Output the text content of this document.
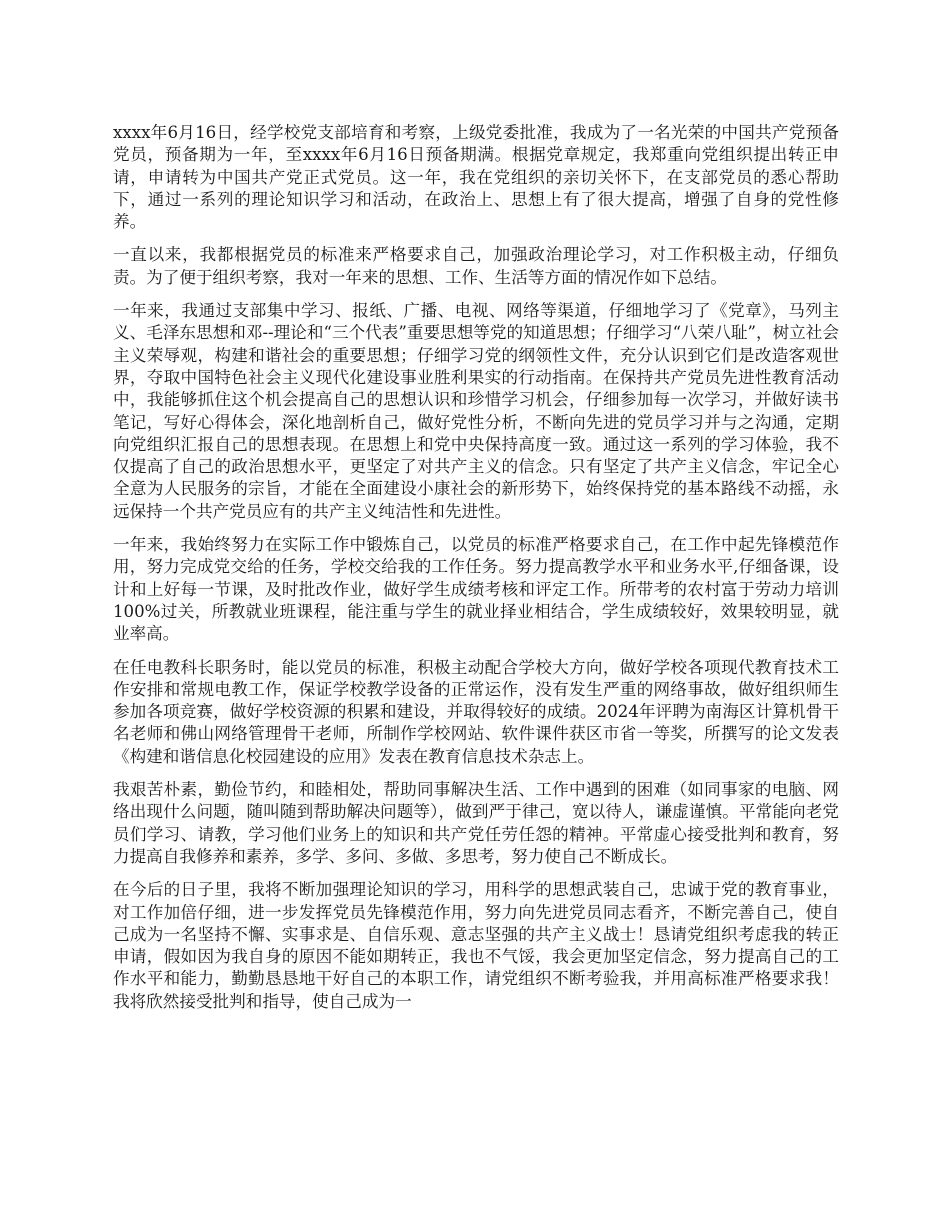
xxxx年6月16日，经学校党支部培育和考察，上级党委批准，我成为了一名光荣的中国共产党预备党员，预备期为一年，至xxxx年6月16日预备期满。根据党章规定，我郑重向党组织提出转正申请，申请转为中国共产党正式党员。这一年，我在党组织的亲切关怀下，在支部党员的悉心帮助下，通过一系列的理论知识学习和活动，在政治上、思想上有了很大提高，增强了自身的党性修养。

一直以来，我都根据党员的标准来严格要求自己，加强政治理论学习，对工作积极主动，仔细负责。为了便于组织考察，我对一年来的思想、工作、生活等方面的情况作如下总结。

一年来，我通过支部集中学习、报纸、广播、电视、网络等渠道，仔细地学习了《党章》，马列主义、毛泽东思想和邓--理论和“三个代表”重要思想等党的知道思想；仔细学习“八荣八耻”，树立社会主义荣辱观，构建和谐社会的重要思想；仔细学习党的纲领性文件，充分认识到它们是改造客观世界，夺取中国特色社会主义现代化建设事业胜利果实的行动指南。在保持共产党员先进性教育活动中，我能够抓住这个机会提高自己的思想认识和珍惜学习机会，仔细参加每一次学习，并做好读书笔记，写好心得体会，深化地剖析自己，做好党性分析，不断向先进的党员学习并与之沟通，定期向党组织汇报自己的思想表现。在思想上和党中央保持高度一致。通过这一系列的学习体验，我不仅提高了自己的政治思想水平，更坚定了对共产主义的信念。只有坚定了共产主义信念，牢记全心全意为人民服务的宗旨，才能在全面建设小康社会的新形势下，始终保持党的基本路线不动摇，永远保持一个共产党员应有的共产主义纯洁性和先进性。

一年来，我始终努力在实际工作中锻炼自己，以党员的标准严格要求自己，在工作中起先锋模范作用，努力完成党交给的任务，学校交给我的工作任务。努力提高教学水平和业务水平,仔细备课，设计和上好每一节课，及时批改作业，做好学生成绩考核和评定工作。所带考的农村富于劳动力培训100%过关，所教就业班课程，能注重与学生的就业择业相结合，学生成绩较好，效果较明显，就业率高。

在任电教科长职务时，能以党员的标准，积极主动配合学校大方向，做好学校各项现代教育技术工作安排和常规电教工作，保证学校教学设备的正常运作，没有发生严重的网络事故，做好组织师生参加各项竞赛，做好学校资源的积累和建设，并取得较好的成绩。2024年评聘为南海区计算机骨干名老师和佛山网络管理骨干老师，所制作学校网站、软件课件获区市省一等奖，所撰写的论文发表《构建和谐信息化校园建设的应用》发表在教育信息技术杂志上。

我艰苦朴素，勤俭节约，和睦相处，帮助同事解决生活、工作中遇到的困难（如同事家的电脑、网络出现什么问题，随叫随到帮助解决问题等），做到严于律己，宽以待人，谦虚谨慎。平常能向老党员们学习、请教，学习他们业务上的知识和共产党任劳任怨的精神。平常虚心接受批判和教育，努力提高自我修养和素养，多学、多问、多做、多思考，努力使自己不断成长。

在今后的日子里，我将不断加强理论知识的学习，用科学的思想武装自己，忠诚于党的教育事业，对工作加倍仔细，进一步发挥党员先锋模范作用，努力向先进党员同志看齐，不断完善自己，使自己成为一名坚持不懈、实事求是、自信乐观、意志坚强的共产主义战士！恳请党组织考虑我的转正申请，假如因为我自身的原因不能如期转正，我也不气馁，我会更加坚定信念，努力提高自己的工作水平和能力，勤勤恳恳地干好自己的本职工作，请党组织不断考验我，并用高标准严格要求我！我将欣然接受批判和指导，使自己成为一
